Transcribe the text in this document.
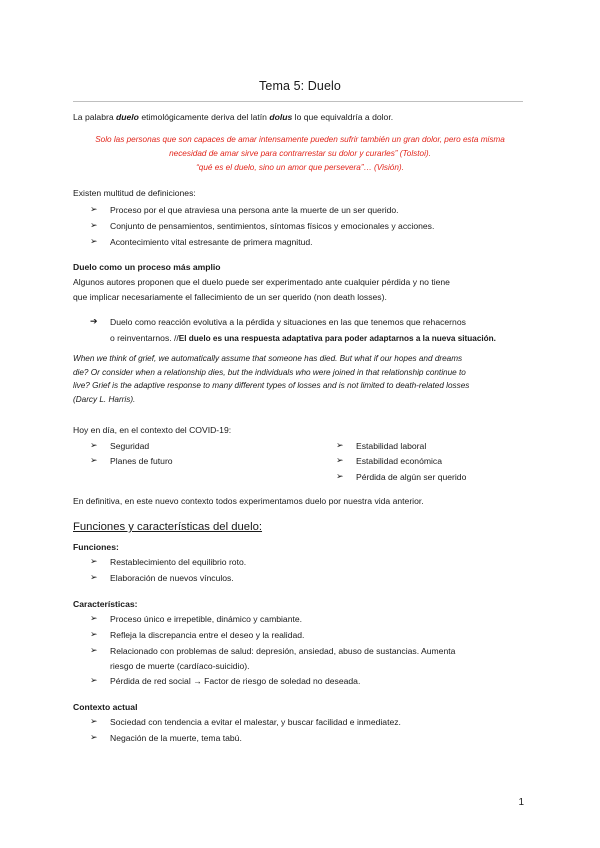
Tema 5: Duelo
La palabra duelo etimológicamente deriva del latín dolus lo que equivaldría a dolor.
Solo las personas que son capaces de amar intensamente pueden sufrir también un gran dolor, pero esta misma
necesidad de amar sirve para contrarrestar su dolor y curarles” (Tolstoi).
“qué es el duelo, sino un amor que persevera”… (Visión).
Existen multitud de definiciones:
➢ Proceso por el que atraviesa una persona ante la muerte de un ser querido.
➢ Conjunto de pensamientos, sentimientos, síntomas físicos y emocionales y acciones.
➢ Acontecimiento vital estresante de primera magnitud.
Duelo como un proceso más amplio
Algunos autores proponen que el duelo puede ser experimentado ante cualquier pérdida y no tiene
que implicar necesariamente el fallecimiento de un ser querido (non death losses).
➔ Duelo como reacción evolutiva a la pérdida y situaciones en las que tenemos que rehacernos
o reinventarnos. //El duelo es una respuesta adaptativa para poder adaptarnos a la nueva situación.
When we think of grief, we automatically assume that someone has died. But what if our hopes and dreams
die? Or consider when a relationship dies, but the individuals who were joined in that relationship continue to
live? Grief is the adaptive response to many different types of losses and is not limited to death-related losses
(Darcy L. Harris).
Hoy en día, en el contexto del COVID-19:
➢ Seguridad
➢ Planes de futuro
➢ Estabilidad laboral
➢ Estabilidad económica
➢ Pérdida de algún ser querido
En definitiva, en este nuevo contexto todos experimentamos duelo por nuestra vida anterior.
Funciones y características del duelo:
Funciones:
➢ Restablecimiento del equilibrio roto.
➢ Elaboración de nuevos vínculos.
Características:
➢ Proceso único e irrepetible, dinámico y cambiante.
➢ Refleja la discrepancia entre el deseo y la realidad.
➢ Relacionado con problemas de salud: depresión, ansiedad, abuso de sustancias. Aumenta
riesgo de muerte (cardíaco-suicidio).
➢ Pérdida de red social → Factor de riesgo de soledad no deseada.
Contexto actual
➢ Sociedad con tendencia a evitar el malestar, y buscar facilidad e inmediatez.
➢ Negación de la muerte, tema tabú.
1
